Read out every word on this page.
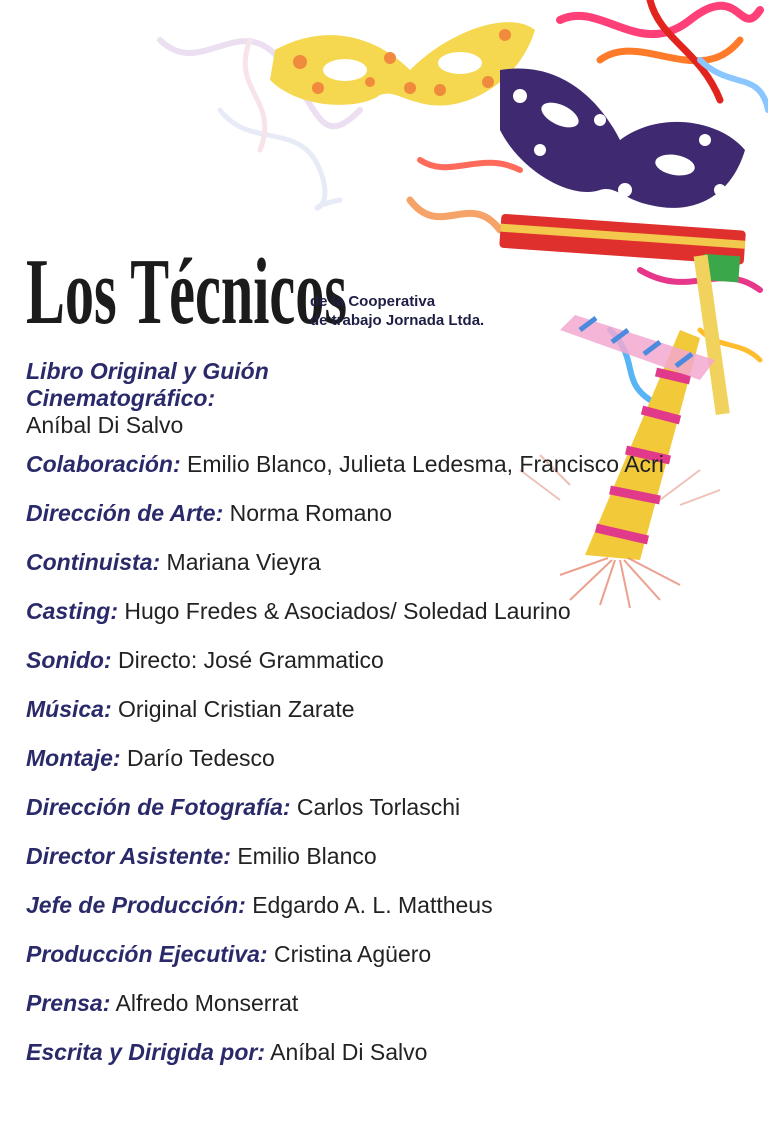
Los Técnicos
de la Cooperativa
de trabajo Jornada Ltda.
Libro Original y Guión
Cinematográfico:
Aníbal Di Salvo
Colaboración: Emilio Blanco, Julieta Ledesma, Francisco Acri
Dirección de Arte: Norma Romano
Continuista: Mariana Vieyra
Casting: Hugo Fredes & Asociados/ Soledad Laurino
Sonido: Directo: José Grammatico
Música: Original Cristian Zarate
Montaje: Darío Tedesco
Dirección de Fotografía: Carlos Torlaschi
Director Asistente: Emilio Blanco
Jefe de Producción: Edgardo A. L. Mattheus
Producción Ejecutiva: Cristina Agüero
Prensa: Alfredo Monserrat
Escrita y Dirigida por: Aníbal Di Salvo
